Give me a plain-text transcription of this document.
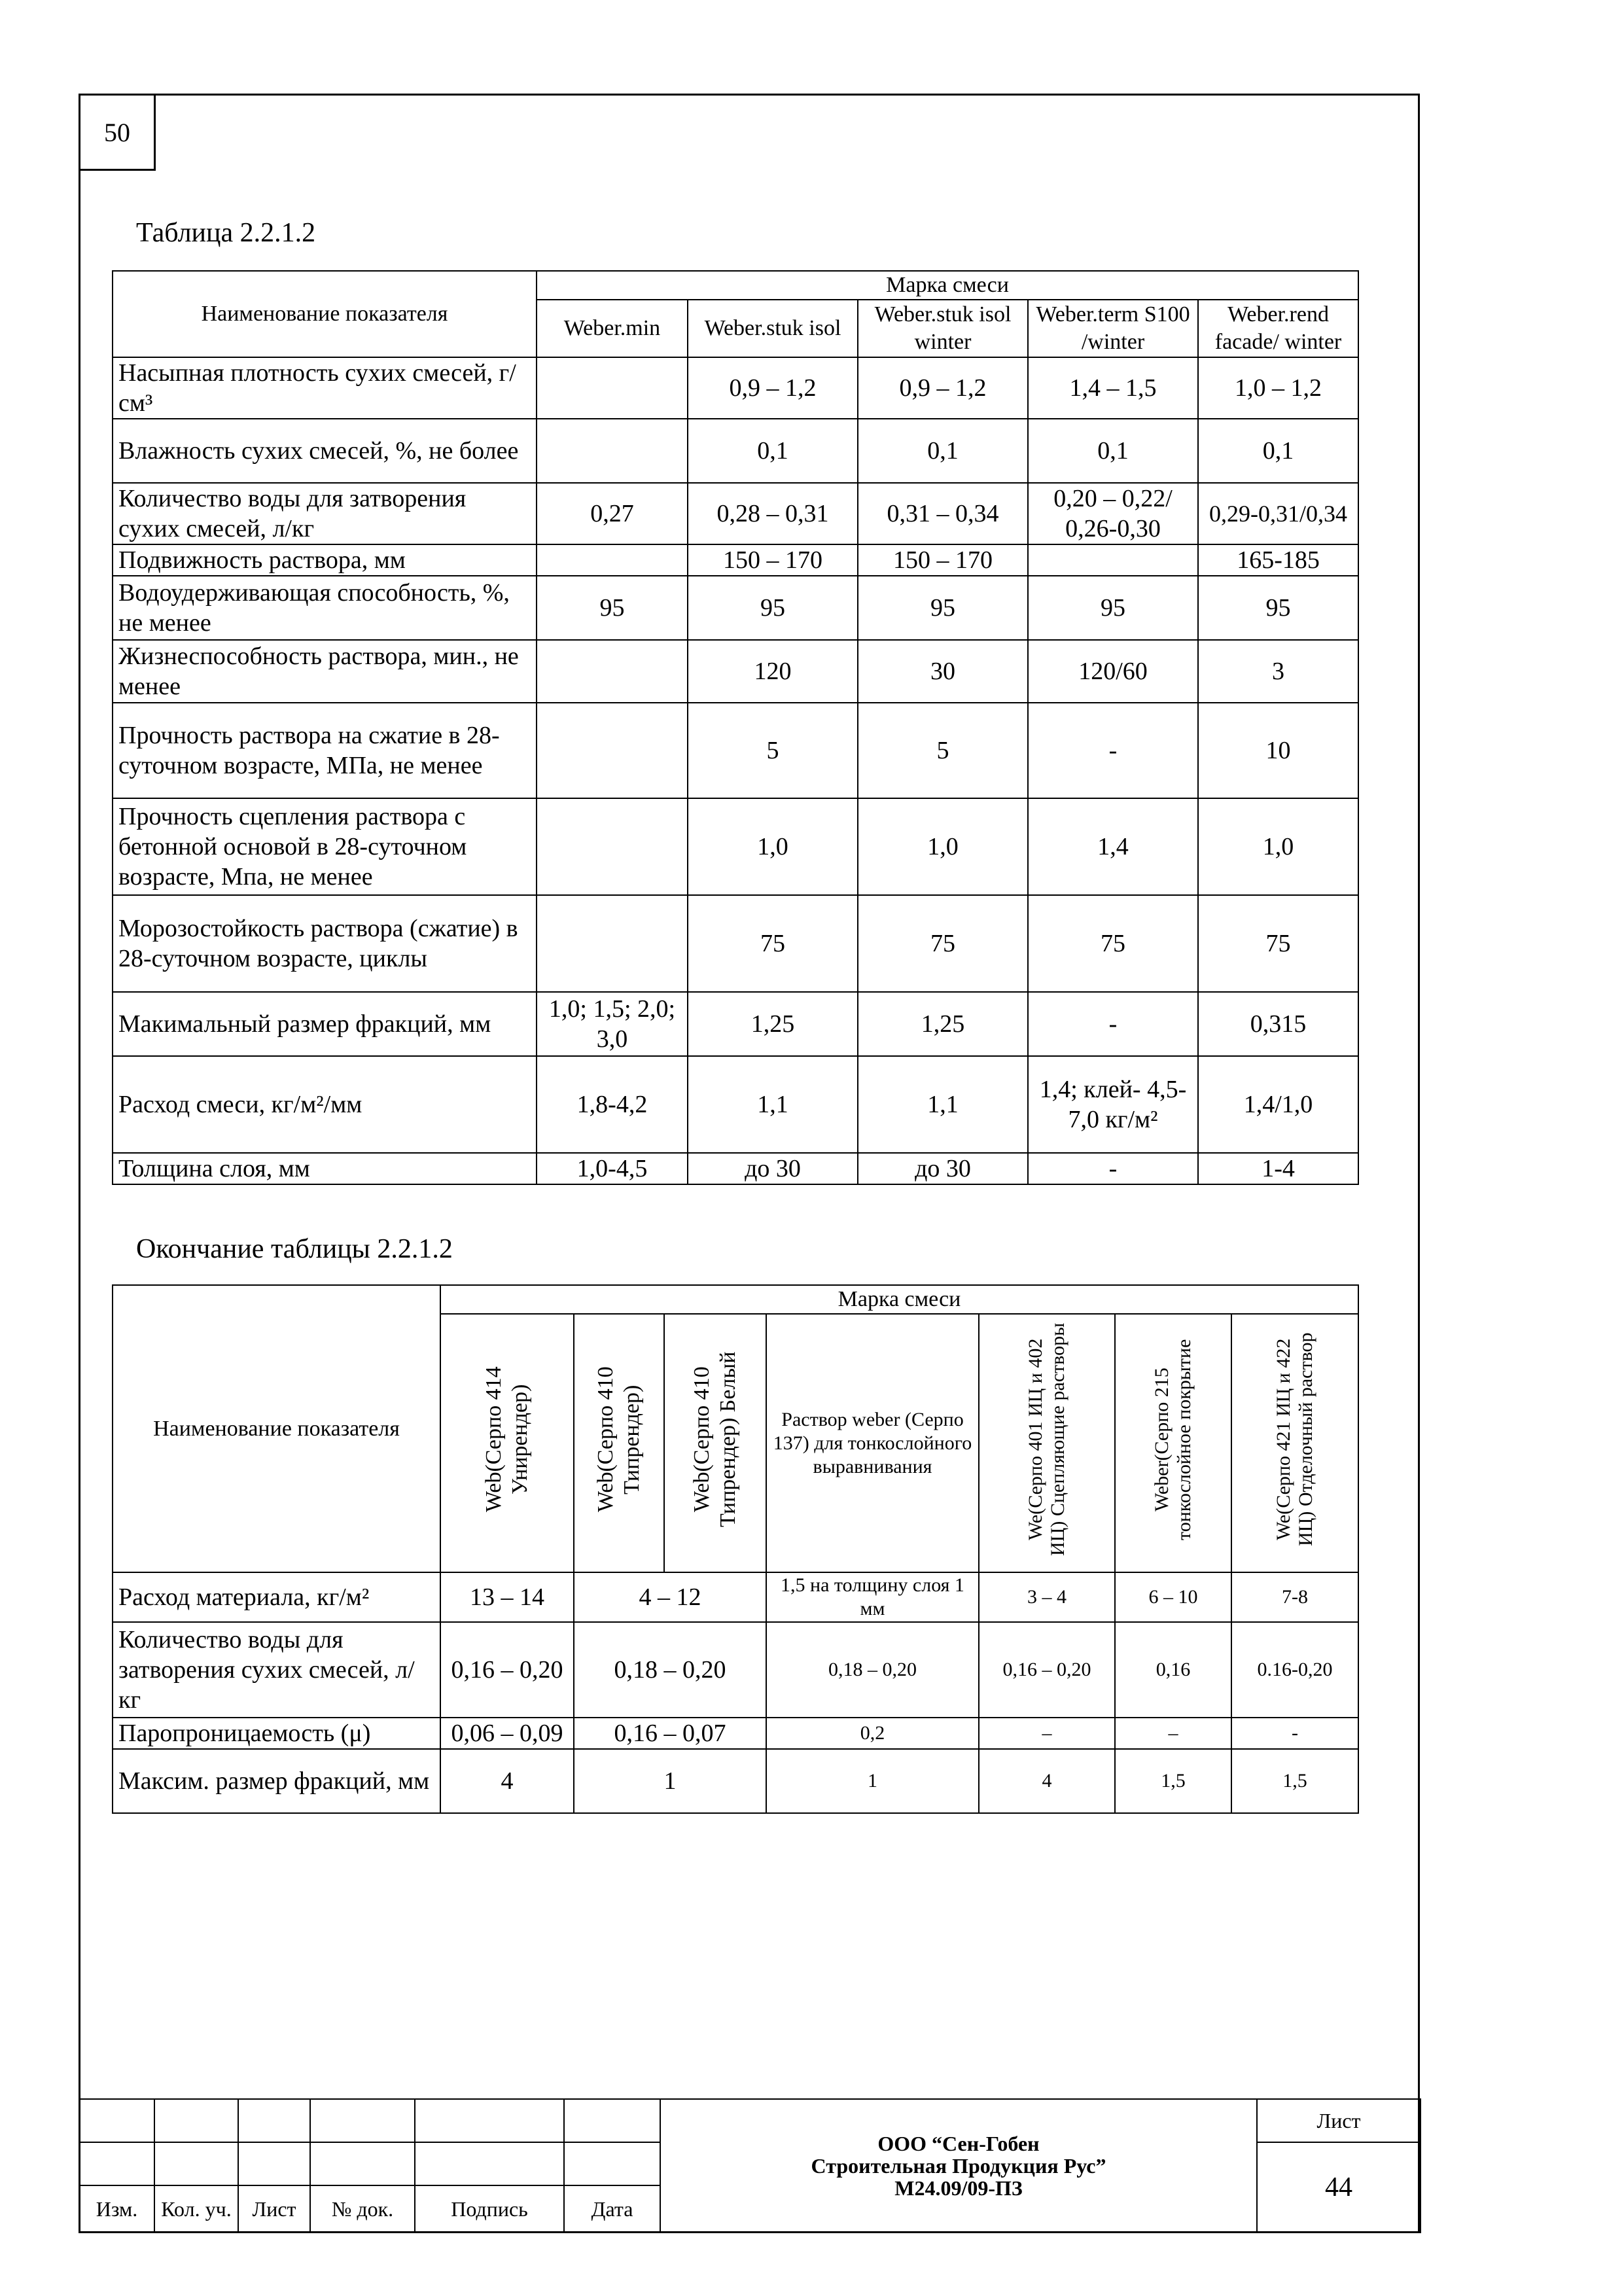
50
Таблица 2.2.1.2
Наименование показателя	Марка смеси				
	Weber.min	Weber.stuk isol	Weber.stuk isol winter	Weber.term S100 /winter	Weber.rend facade/ winter
Насыпная плотность сухих смесей, г/см³		0,9 – 1,2	0,9 – 1,2	1,4 – 1,5	1,0 – 1,2
Влажность сухих смесей, %, не более		0,1	0,1	0,1	0,1
Количество воды для затворения сухих смесей, л/кг	0,27	0,28 – 0,31	0,31 – 0,34	0,20 – 0,22/ 0,26-0,30	0,29-0,31/0,34
Подвижность раствора, мм		150 – 170	150 – 170		165-185
Водоудерживающая способность, %, не менее	95	95	95	95	95
Жизнеспособность раствора, мин., не менее		120	30	120/60	3
Прочность раствора на сжатие в 28-суточном возрасте, МПа, не менее		5	5	-	10
Прочность сцепления раствора с бетонной основой в 28-суточном возрасте, Мпа, не менее		1,0	1,0	1,4	1,0
Морозостойкость раствора (сжатие) в 28-суточном возрасте, циклы		75	75	75	75
Макимальный размер фракций, мм	1,0; 1,5; 2,0; 3,0	1,25	1,25	-	0,315
Расход смеси, кг/м²/мм	1,8-4,2	1,1	1,1	1,4; клей- 4,5-7,0 кг/м²	1,4/1,0
Толщина слоя, мм	1,0-4,5	до 30	до 30	-	1-4
Окончание таблицы 2.2.1.2
Наименование показателя	Марка смеси						
	Web(Серпо 414 Унирендер)	Web(Серпо 410 Типрендер)	Web(Серпо 410 Типрендер) Белый	Раствор weber (Серпо 137) для тонкослойного выравнивания	We(Серпо 401 ИЦ и 402 ИЦ) Сцепляющие растворы	Weber(Серпо 215 тонкослойное покрытие	We(Серпо 421 ИЦ и 422 ИЦ) Отделочный раствор
Расход материала, кг/м²	13 – 14	4 – 12		1,5 на толщину слоя 1 мм	3 – 4	6 – 10	7-8
Количество воды для затворения сухих смесей, л/кг	0,16 – 0,20	0,18 – 0,20		0,18 – 0,20	0,16 – 0,20	0,16	0.16-0,20
Паропроницаемость (μ)	0,06 – 0,09	0,16 – 0,07		0,2	–	–	-
Максим. размер фракций, мм	4	1		1	4	1,5	1,5

						ООО “Сен-Гобен
Строительная Продукция Рус”
М24.09/09-ПЗ	Лист
							44
Изм.	Кол. уч.	Лист	№ док.	Подпись	Дата		
